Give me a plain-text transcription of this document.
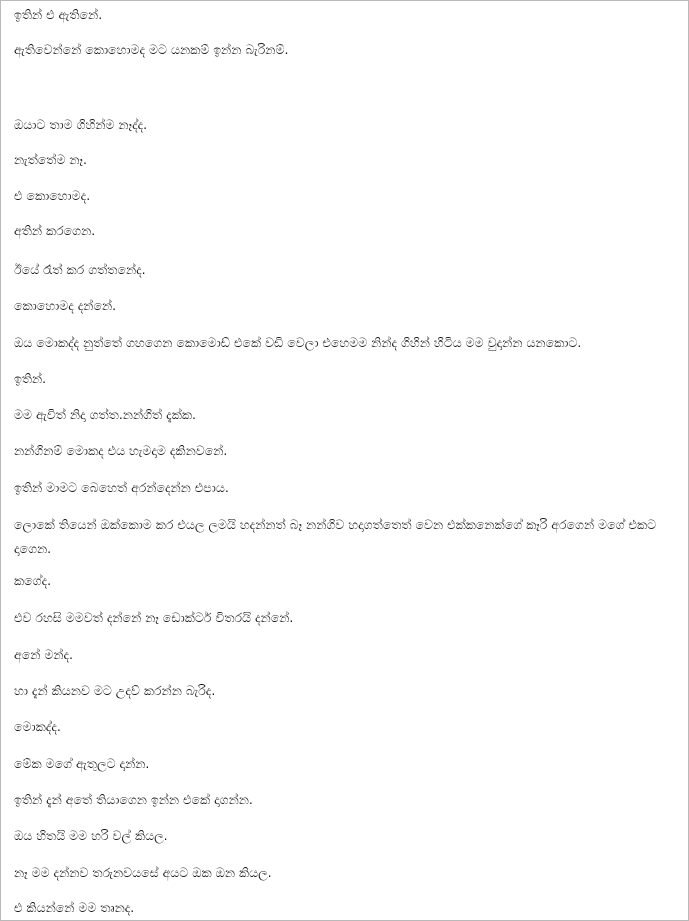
ඉතින් එ ඇතිනේ.

ඇතිවෙන්නේ කොහොමද මට යනකම් ඉන්න බැරිනම්.

ඔයාට තාම ගිහින්ම නෑද්ද.

නැත්තේම නෑ.

එ කොහොමද.

අතින් කරගෙන.

ඊයේ රෑත් කර ගත්තනේද.

කොහොමද දන්නේ.

ඔය මොකද්ද නුත්තේ ගහගෙන කොමොඩ් එකේ වඩි වෙලා එහෙමම නින්ද ගිහින් හිටිය මම වුදාන්න යනකොට.

ඉතින්.

මම ඇවිත් නිදා ගත්ත.නන්ගිත් දැක්ක.

නන්ගිනම් මොකද එය හැමදාම දකිනවනේ.

ඉතින් මාමට බෙහෙත් අරන්දෙන්න එපාය.

ලොකේ තියෙන් ඔක්කොම කර එයල ලමයි හදන්නත් බෑ නන්ගිව හදාගත්තෙත් වෙන එක්කනෙක්ගේ කෑරි අරගෙන් මගේ එකට දාගෙන.

කගේද.

එව රහසි මමවත් දන්නේ නෑ ඩොක්ටර් විතරයි දන්නේ.

අනේ මන්ද.

හා දැන් කියනව මට උදව් කරන්න බැරිද.

මොකද්ද.

මේක මගේ ඇතුලට දාන්න.

ඉතින් දැන් අතේ තියාගෙන ඉන්න එකේ දාගන්න.

ඔය හිතයි මම හරි වල් කියල.

නෑ මම දන්නව තරුනවයසේ අයට ඔක ඔන කියල.

එ කියන්නේ මම තෘනද.
